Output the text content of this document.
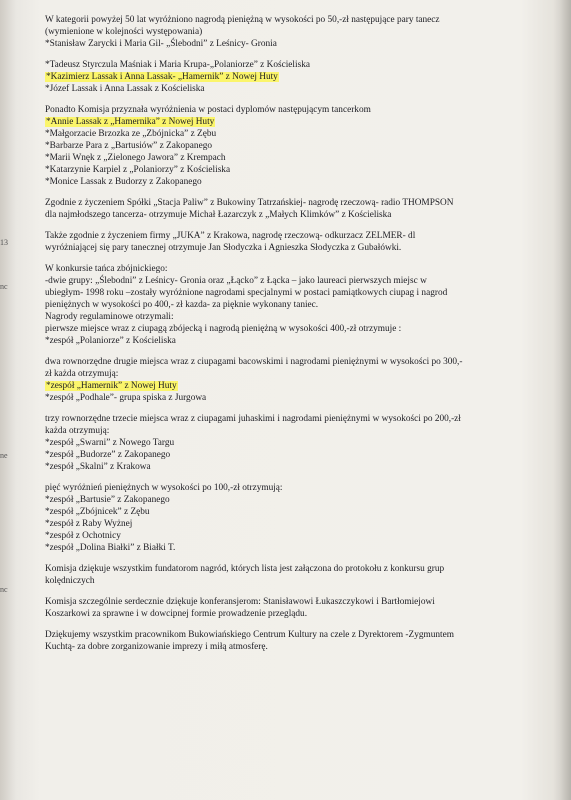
13
nc
ne
nc

W kategorii powyżej 50 lat wyróżniono nagrodą pieniężną w wysokości po 50,-zł następujące pary tanecz

(wymienione w kolejności występowania)

*Stanisław Zarycki i Maria Gil- „Ślebodni” z Leśnicy- Gronia

*Tadeusz Styrczula Maśniak i Maria Krupa-„Polaniorze” z Kościeliska

*Kazimierz Lassak i Anna Lassak- „Hamernik” z Nowej Huty

*Józef Lassak i Anna Lassak z Kościeliska

Ponadto Komisja przyznała wyróżnienia w postaci dyplomów następującym tancerkom

*Annie Lassak z „Hamernika” z Nowej Huty

*Małgorzacie Brzozka ze „Zbójnicka” z Zębu

*Barbarze Para z „Bartusiów” z Zakopanego

*Marii Wnęk z „Zielonego Jawora” z Krempach

*Katarzynie Karpiel z „Polaniorzy” z Kościeliska

*Monice Lassak z Budorzy z Zakopanego

Zgodnie z życzeniem Spółki „Stacja Paliw” z Bukowiny Tatrzańskiej- nagrodę rzeczową- radio THOMPSON

dla najmłodszego tancerza- otrzymuje Michał Łazarczyk z „Małych Klimków” z Kościeliska

Także zgodnie z życzeniem firmy „JUKA” z Krakowa, nagrodę rzeczową- odkurzacz ZELMER- dl

wyróżniającej się pary tanecznej otrzymuje Jan Słodyczka i Agnieszka Słodyczka z Gubałówki.

W konkursie tańca zbójnickiego:

-dwie grupy: „Ślebodni” z Leśnicy- Gronia oraz „Łącko” z Łącka – jako laureaci pierwszych miejsc w

ubiegłym- 1998 roku –zostały wyróżnione nagrodami specjalnymi w postaci pamiątkowych ciupag i nagrod

pieniężnych w wysokości po 400,- zł kazda- za pięknie wykonany taniec.

Nagrody regulaminowe otrzymali:

pierwsze miejsce wraz z ciupagą zbójecką i nagrodą pieniężną w wysokości 400,-zł otrzymuje :

*zespół „Polaniorze” z Kościeliska

dwa rownorzędne drugie miejsca wraz z ciupagami bacowskimi i nagrodami pieniężnymi w wysokości po 300,-

zł każda otrzymują:

*zespół „Hamernik” z Nowej Huty

*zespół „Podhale”- grupa spiska z Jurgowa

trzy rownorzędne trzecie miejsca wraz z ciupagami juhaskimi i nagrodami pieniężnymi w wysokości po 200,-zł

każda otrzymują:

*zespół „Swarni” z Nowego Targu

*zespół „Budorze” z Zakopanego

*zespół „Skalni” z Krakowa

pięć wyróżnień pieniężnych w wysokości po 100,-zł otrzymują:

*zespół „Bartusie” z Zakopanego

*zespół „Zbójnicek” z Zębu

*zespół z Raby Wyżnej

*zespół z Ochotnicy

*zespół „Dolina Białki” z Białki T.

Komisja dziękuje wszystkim fundatorom nagród, których lista jest załączona do protokołu z konkursu grup

kolędniczych

Komisja szczególnie serdecznie dziękuje konferansjerom: Stanisławowi Łukaszczykowi i Bartłomiejowi

Koszarkowi za sprawne i w dowcipnej formie prowadzenie przeglądu.

Dziękujemy wszystkim pracownikom Bukowiańskiego Centrum Kultury na czele z Dyrektorem -Zygmuntem

Kuchtą- za dobre zorganizowanie imprezy i miłą atmosferę.
